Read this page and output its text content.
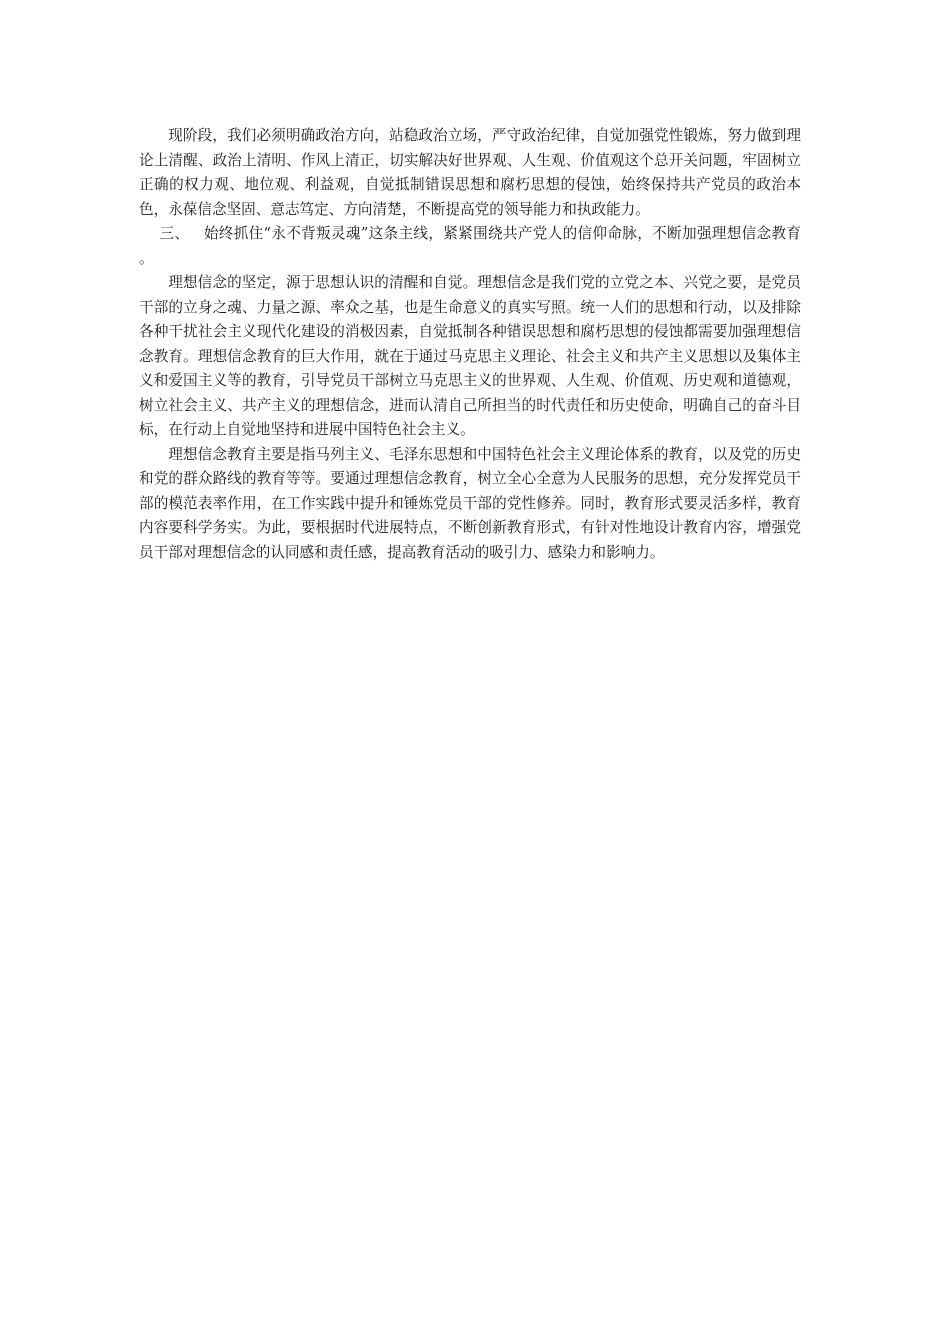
现阶段，我们必须明确政治方向，站稳政治立场，严守政治纪律，自觉加强党性锻炼，努力做到理论上清醒、政治上清明、作风上清正，切实解决好世界观、人生观、价值观这个总开关问题，牢固树立正确的权力观、地位观、利益观，自觉抵制错误思想和腐朽思想的侵蚀，始终保持共产党员的政治本色，永葆信念坚固、意志笃定、方向清楚，不断提高党的领导能力和执政能力。

三、 始终抓住“永不背叛灵魂”这条主线，紧紧围绕共产党人的信仰命脉，不断加强理想信念教育 。

理想信念的坚定，源于思想认识的清醒和自觉。理想信念是我们党的立党之本、兴党之要，是党员干部的立身之魂、力量之源、率众之基，也是生命意义的真实写照。统一人们的思想和行动，以及排除各种干扰社会主义现代化建设的消极因素，自觉抵制各种错误思想和腐朽思想的侵蚀都需要加强理想信念教育。理想信念教育的巨大作用，就在于通过马克思主义理论、社会主义和共产主义思想以及集体主义和爱国主义等的教育，引导党员干部树立马克思主义的世界观、人生观、价值观、历史观和道德观，树立社会主义、共产主义的理想信念，进而认清自己所担当的时代责任和历史使命，明确自己的奋斗目标，在行动上自觉地坚持和进展中国特色社会主义。

理想信念教育主要是指马列主义、毛泽东思想和中国特色社会主义理论体系的教育，以及党的历史和党的群众路线的教育等等。要通过理想信念教育，树立全心全意为人民服务的思想，充分发挥党员干部的模范表率作用，在工作实践中提升和锤炼党员干部的党性修养。同时，教育形式要灵活多样，教育内容要科学务实。为此，要根据时代进展特点，不断创新教育形式，有针对性地设计教育内容，增强党员干部对理想信念的认同感和责任感，提高教育活动的吸引力、感染力和影响力。
